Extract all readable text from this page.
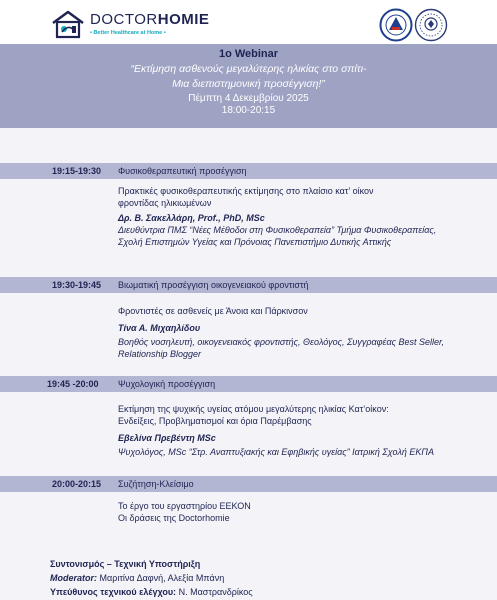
DOCTORHOMIE
• Better Healthcare at Home •
1o Webinar
“Εκτίμηση ασθενούς μεγαλύτερης ηλικίας στο σπίτι-
Μια διεπιστημονική προσέγγιση!”
Πέμπτη 4 Δεκεμβρίου 2025
18:00-20:15
19:15-19:30 Φυσικοθεραπευτική προσέγγιση
Πρακτικές φυσικοθεραπευτικής εκτίμησης στο πλαίσιο κατ’ οίκον
φροντίδας ηλικιωμένων
Δρ. Β. Σακελλάρη, Prof., PhD, MSc
Διευθύντρια ΠΜΣ “Νέες Μέθοδοι στη Φυσικοθεραπεία” Τμήμα Φυσικοθεραπείας,
Σχολή Επιστημών Υγείας και Πρόνοιας Πανεπιστήμιο Δυτικής Αττικής
19:30-19:45 Βιωματική προσέγγιση οικογενειακού φροντιστή
Φροντιστές σε ασθενείς με Άνοια και Πάρκινσον
Τίνα Α. Μιχαηλίδου
Βοηθός νοσηλευτή, οικογενειακός φροντιστής, Θεολόγος, Συγγραφέας Best Seller,
Relationship Blogger
19:45 -20:00 Ψυχολογική προσέγγιση
Εκτίμηση της ψυχικής υγείας ατόμου μεγαλύτερης ηλικίας Κατ’οίκον:
Ενδείξεις, Προβληματισμοί και όρια Παρέμβασης
Εβελίνα Πρεβέντη MSc
Ψυχολόγος, MSc “Στρ. Αναπτυξιακής και Εφηβικής υγείας” Ιατρική Σχολή ΕΚΠΑ
20:00-20:15 Συζήτηση-Κλείσιμο
Το έργο του εργαστηρίου ΕΕΚΟΝ
Οι δράσεις της Doctorhomie
Συντονισμός – Τεχνική Υποστήριξη
Moderator: Μαριτίνα Δαφνή, Αλεξία Μπάνη
Υπεύθυνος τεχνικού ελέγχου: Ν. Μαστρανδρίκος
